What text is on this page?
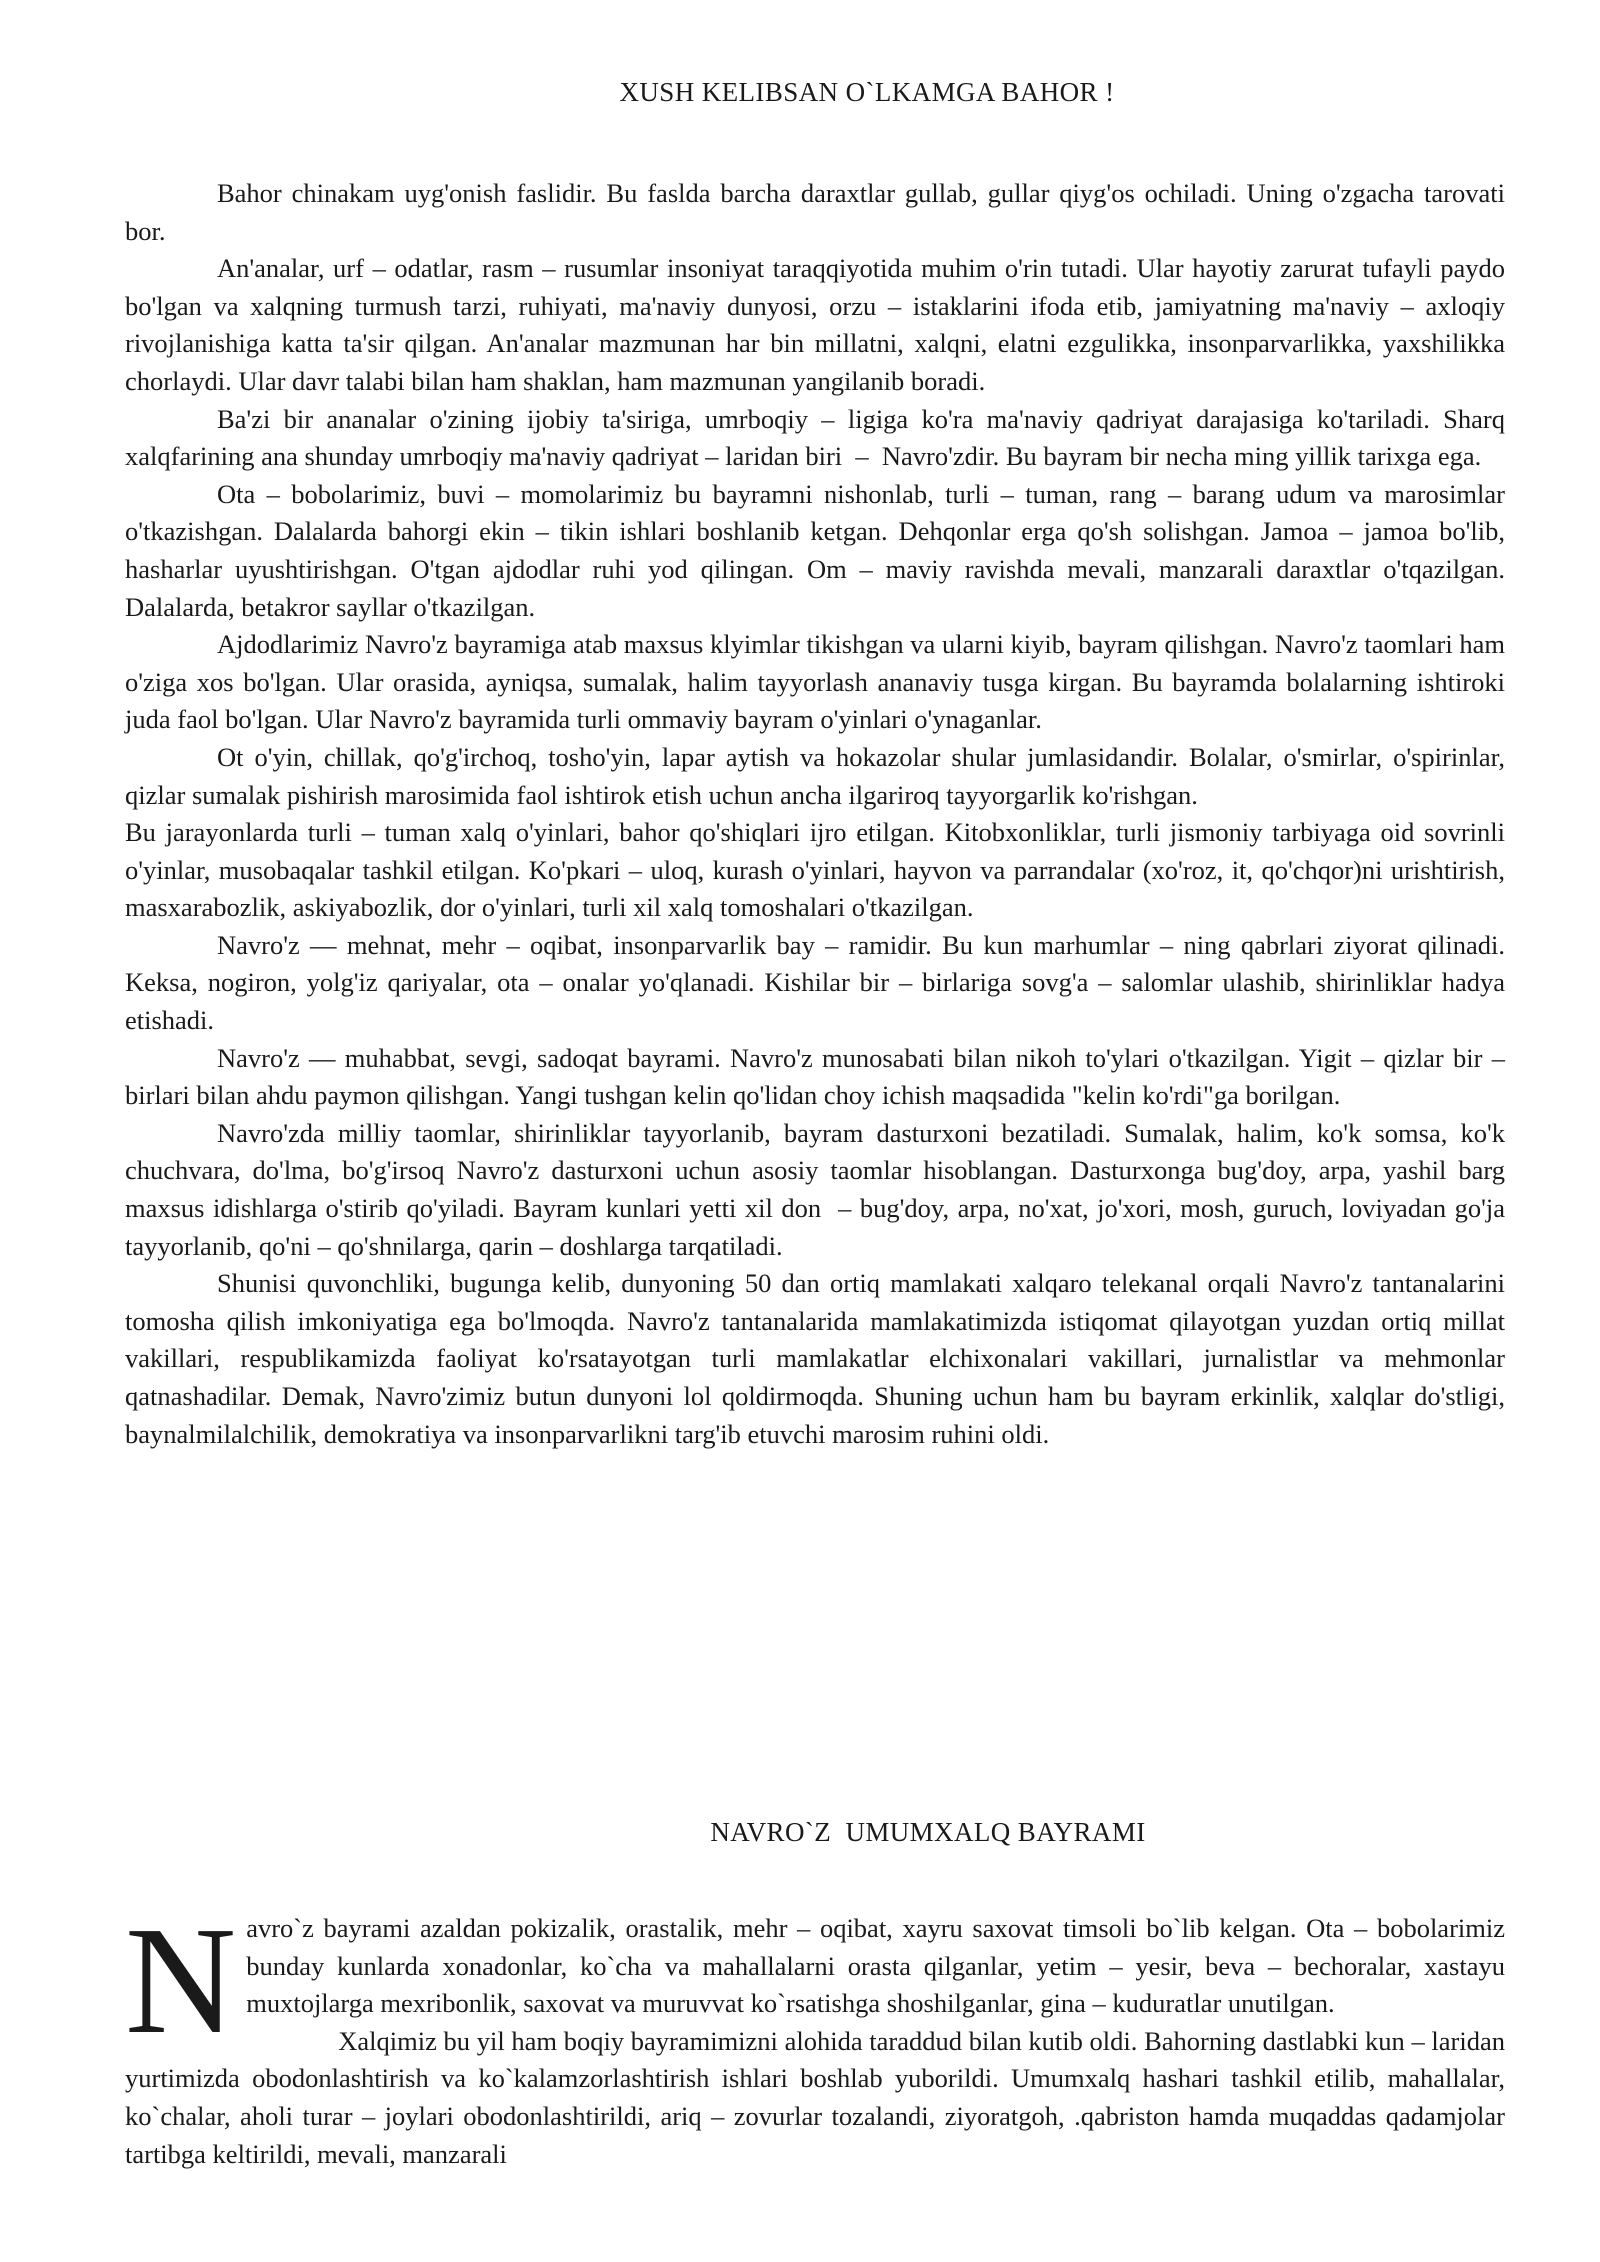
XUSH KELIBSAN O`LKAMGA BAHOR !

Bahor chinakam uyg'onish faslidir. Bu faslda barcha daraxtlar gullab, gullar qiyg'os ochiladi. Uning o'zgacha tarovati bor.

An'analar, urf – odatlar, rasm – rusumlar insoniyat taraqqiyotida muhim o'rin tutadi. Ular hayotiy zarurat tufayli paydo bo'lgan va xalqning turmush tarzi, ruhiyati, ma'naviy dunyosi, orzu – istaklarini ifoda etib, jamiyatning ma'naviy – axloqiy rivojlanishiga katta ta'sir qilgan. An'analar mazmunan har bin millatni, xalqni, elatni ezgulikka, insonparvarlikka, yaxshilikka chorlaydi. Ular davr talabi bilan ham shaklan, ham mazmunan yangilanib boradi.

Ba'zi bir ananalar o'zining ijobiy ta'siriga, umrboqiy – ligiga ko'ra ma'naviy qadriyat darajasiga ko'tariladi. Sharq xalqfarining ana shunday umrboqiy ma'naviy qadriyat – laridan biri  –  Navro'zdir. Bu bayram bir necha ming yillik tarixga ega.

Ota – bobolarimiz, buvi – momolarimiz bu bayramni nishonlab, turli – tuman, rang – barang udum va marosimlar o'tkazishgan. Dalalarda bahorgi ekin – tikin ishlari boshlanib ketgan. Dehqonlar erga qo'sh solishgan. Jamoa – jamoa bo'lib, hasharlar uyushtirishgan. O'tgan ajdodlar ruhi yod qilingan. Om – maviy ravishda mevali, manzarali daraxtlar o'tqazilgan. Dalalarda, betakror sayllar o'tkazilgan.

Ajdodlarimiz Navro'z bayramiga atab maxsus klyimlar tikishgan va ularni kiyib, bayram qilishgan. Navro'z taomlari ham o'ziga xos bo'lgan. Ular orasida, ayniqsa, sumalak, halim tayyorlash ananaviy tusga kirgan. Bu bayramda bolalarning ishtiroki juda faol bo'lgan. Ular Navro'z bayramida turli ommaviy bayram o'yinlari o'ynaganlar.

Ot o'yin, chillak, qo'g'irchoq, tosho'yin, lapar aytish va hokazolar shular jumlasidandir. Bolalar, o'smirlar, o'spirinlar, qizlar sumalak pishirish marosimida faol ishtirok etish uchun ancha ilgariroq tayyorgarlik ko'rishgan.

Bu jarayonlarda turli – tuman xalq o'yinlari, bahor qo'shiqlari ijro etilgan. Kitobxonliklar, turli jismoniy tarbiyaga oid sovrinli o'yinlar, musobaqalar tashkil etilgan. Ko'pkari – uloq, kurash o'yinlari, hayvon va parrandalar (xo'roz, it, qo'chqor)ni urishtirish, masxarabozlik, askiyabozlik, dor o'yinlari, turli xil xalq tomoshalari o'tkazilgan.

Navro'z — mehnat, mehr – oqibat, insonparvarlik bay – ramidir. Bu kun marhumlar – ning qabrlari ziyorat qilinadi. Keksa, nogiron, yolg'iz qariyalar, ota – onalar yo'qlanadi. Kishilar bir – birlariga sovg'a – salomlar ulashib, shirinliklar hadya etishadi.

Navro'z — muhabbat, sevgi, sadoqat bayrami. Navro'z munosabati bilan nikoh to'ylari o'tkazilgan. Yigit – qizlar bir – birlari bilan ahdu paymon qilishgan. Yangi tushgan kelin qo'lidan choy ichish maqsadida "kelin ko'rdi"ga borilgan.

Navro'zda milliy taomlar, shirinliklar tayyorlanib, bayram dasturxoni bezatiladi. Sumalak, halim, ko'k somsa, ko'k chuchvara, do'lma, bo'g'irsoq Navro'z dasturxoni uchun asosiy taomlar hisoblangan. Dasturxonga bug'doy, arpa, yashil barg maxsus idishlarga o'stirib qo'yiladi. Bayram kunlari yetti xil don  – bug'doy, arpa, no'xat, jo'xori, mosh, guruch, loviyadan go'ja tayyorlanib, qo'ni – qo'shnilarga, qarin – doshlarga tarqatiladi.

Shunisi quvonchliki, bugunga kelib, dunyoning 50 dan ortiq mamlakati xalqaro telekanal orqali Navro'z tantanalarini tomosha qilish imkoniyatiga ega bo'lmoqda. Navro'z tantanalarida mamlakatimizda istiqomat qilayotgan yuzdan ortiq millat vakillari, respublikamizda faoliyat ko'rsatayotgan turli mamlakatlar elchixonalari vakillari, jurnalistlar va mehmonlar qatnashadilar. Demak, Navro'zimiz butun dunyoni lol qoldirmoqda. Shuning uchun ham bu bayram erkinlik, xalqlar do'stligi, baynalmilalchilik, demokratiya va insonparvarlikni targ'ib etuvchi marosim ruhini oldi.

NAVRO`Z  UMUMXALQ BAYRAMI

Navro`z bayrami azaldan pokizalik, orastalik, mehr – oqibat, xayru saxovat timsoli bo`lib kelgan. Ota – bobolarimiz bunday kunlarda xonadonlar, ko`cha va mahallalarni orasta qilganlar, yetim – yesir, beva – bechoralar, xastayu muxtojlarga mexribonlik, saxovat va muruvvat ko`rsatishga shoshilganlar, gina – kuduratlar unutilgan.

Xalqimiz bu yil ham boqiy bayramimizni alohida taraddud bilan kutib oldi. Bahorning dastlabki kun – laridan yurtimizda obodonlashtirish va ko`kalamzorlashtirish ishlari boshlab yuborildi. Umumxalq hashari tashkil etilib, mahallalar, ko`chalar, aholi turar – joylari obodonlashtirildi, ariq – zovurlar tozalandi, ziyoratgoh, .qabriston hamda muqaddas qadamjolar tartibga keltirildi, mevali, manzarali
